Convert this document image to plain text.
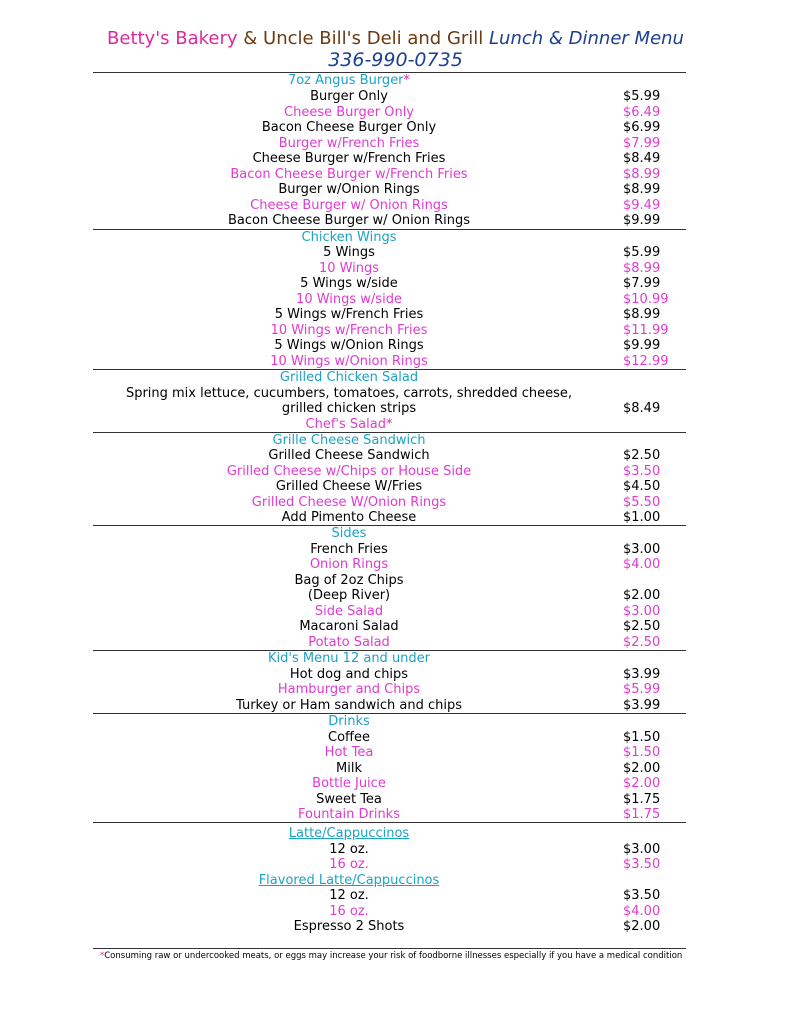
Betty's Bakery & Uncle Bill's Deli and Grill Lunch & Dinner Menu
336-990-0735
7oz Angus Burger*
Burger Only	$5.99
Cheese Burger Only	$6.49
Bacon Cheese Burger Only	$6.99
Burger w/French Fries	$7.99
Cheese Burger w/French Fries	$8.49
Bacon Cheese Burger w/French Fries	$8.99
Burger w/Onion Rings	$8.99
Cheese Burger w/ Onion Rings	$9.49
Bacon Cheese Burger w/ Onion Rings	$9.99
Chicken Wings
5 Wings	$5.99
10 Wings	$8.99
5 Wings w/side	$7.99
10 Wings w/side	$10.99
5 Wings w/French Fries	$8.99
10 Wings w/French Fries	$11.99
5 Wings w/Onion Rings	$9.99
10 Wings w/Onion Rings	$12.99
Grilled Chicken Salad
Spring mix lettuce, cucumbers, tomatoes, carrots, shredded cheese,
grilled chicken strips	$8.49
Chef's Salad*
Grille Cheese Sandwich
Grilled Cheese Sandwich	$2.50
Grilled Cheese w/Chips or House Side	$3.50
Grilled Cheese W/Fries	$4.50
Grilled Cheese W/Onion Rings	$5.50
Add Pimento Cheese	$1.00
Sides
French Fries	$3.00
Onion Rings	$4.00
Bag of 2oz Chips
(Deep River)	$2.00
Side Salad	$3.00
Macaroni Salad	$2.50
Potato Salad	$2.50
Kid's Menu 12 and under
Hot dog and chips	$3.99
Hamburger and Chips	$5.99
Turkey or Ham sandwich and chips	$3.99
Drinks
Coffee	$1.50
Hot Tea	$1.50
Milk	$2.00
Bottle Juice	$2.00
Sweet Tea	$1.75
Fountain Drinks	$1.75
Latte/Cappuccinos
12 oz.	$3.00
16 oz.	$3.50
Flavored Latte/Cappuccinos
12 oz.	$3.50
16 oz.	$4.00
Espresso 2 Shots	$2.00
*Consuming raw or undercooked meats, or eggs may increase your risk of foodborne illnesses especially if you have a medical condition
